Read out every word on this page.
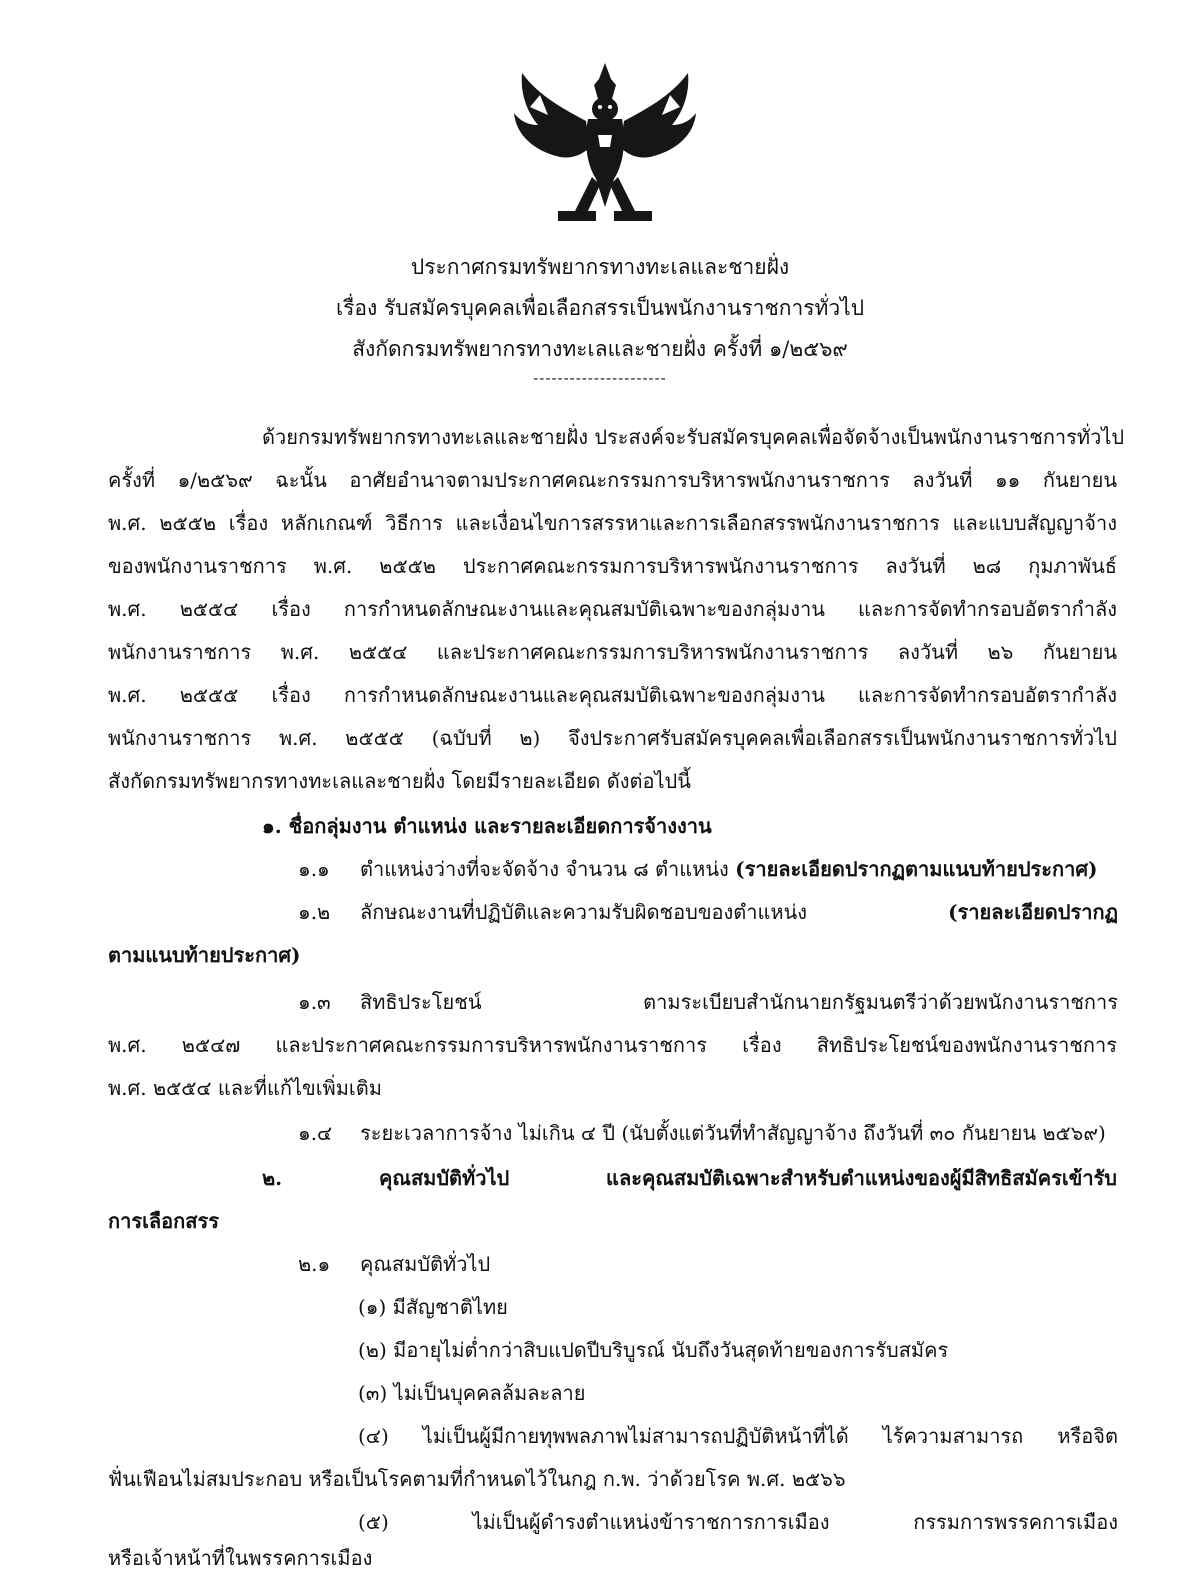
ประกาศกรมทรัพยากรทางทะเลและชายฝั่ง
เรื่อง รับสมัครบุคคลเพื่อเลือกสรรเป็นพนักงานราชการทั่วไป
สังกัดกรมทรัพยากรทางทะเลและชายฝั่ง ครั้งที่ ๑/๒๕๖๙
----------------------
ด้วยกรมทรัพยากรทางทะเลและชายฝั่ง ประสงค์จะรับสมัครบุคคลเพื่อจัดจ้างเป็นพนักงานราชการทั่วไป
ครั้งที่ ๑/๒๕๖๙ ฉะนั้น อาศัยอำนาจตามประกาศคณะกรรมการบริหารพนักงานราชการ ลงวันที่ ๑๑ กันยายน
พ.ศ. ๒๕๕๒ เรื่อง หลักเกณฑ์ วิธีการ และเงื่อนไขการสรรหาและการเลือกสรรพนักงานราชการ และแบบสัญญาจ้าง
ของพนักงานราชการ พ.ศ. ๒๕๕๒ ประกาศคณะกรรมการบริหารพนักงานราชการ ลงวันที่ ๒๘ กุมภาพันธ์
พ.ศ. ๒๕๕๔ เรื่อง การกำหนดลักษณะงานและคุณสมบัติเฉพาะของกลุ่มงาน และการจัดทำกรอบอัตรากำลัง
พนักงานราชการ พ.ศ. ๒๕๕๔ และประกาศคณะกรรมการบริหารพนักงานราชการ ลงวันที่ ๒๖ กันยายน
พ.ศ. ๒๕๕๕ เรื่อง การกำหนดลักษณะงานและคุณสมบัติเฉพาะของกลุ่มงาน และการจัดทำกรอบอัตรากำลัง
พนักงานราชการ พ.ศ. ๒๕๕๕ (ฉบับที่ ๒) จึงประกาศรับสมัครบุคคลเพื่อเลือกสรรเป็นพนักงานราชการทั่วไป
สังกัดกรมทรัพยากรทางทะเลและชายฝั่ง โดยมีรายละเอียด ดังต่อไปนี้
๑. ชื่อกลุ่มงาน ตำแหน่ง และรายละเอียดการจ้างงาน
๑.๑ ตำแหน่งว่างที่จะจัดจ้าง จำนวน ๘ ตำแหน่ง (รายละเอียดปรากฏตามแนบท้ายประกาศ)
๑.๒ ลักษณะงานที่ปฏิบัติและความรับผิดชอบของตำแหน่ง (รายละเอียดปรากฏ
ตามแนบท้ายประกาศ)
๑.๓ สิทธิประโยชน์ ตามระเบียบสำนักนายกรัฐมนตรีว่าด้วยพนักงานราชการ
พ.ศ. ๒๕๔๗ และประกาศคณะกรรมการบริหารพนักงานราชการ เรื่อง สิทธิประโยชน์ของพนักงานราชการ
พ.ศ. ๒๕๕๔ และที่แก้ไขเพิ่มเติม
๑.๔ ระยะเวลาการจ้าง ไม่เกิน ๔ ปี (นับตั้งแต่วันที่ทำสัญญาจ้าง ถึงวันที่ ๓๐ กันยายน ๒๕๖๙)
๒. คุณสมบัติทั่วไป และคุณสมบัติเฉพาะสำหรับตำแหน่งของผู้มีสิทธิสมัครเข้ารับ
การเลือกสรร
๒.๑ คุณสมบัติทั่วไป
(๑) มีสัญชาติไทย
(๒) มีอายุไม่ต่ำกว่าสิบแปดปีบริบูรณ์ นับถึงวันสุดท้ายของการรับสมัคร
(๓) ไม่เป็นบุคคลล้มละลาย
(๔) ไม่เป็นผู้มีกายทุพพลภาพไม่สามารถปฏิบัติหน้าที่ได้ ไร้ความสามารถ หรือจิต
ฟั่นเฟือนไม่สมประกอบ หรือเป็นโรคตามที่กำหนดไว้ในกฎ ก.พ. ว่าด้วยโรค พ.ศ. ๒๕๖๖
(๕) ไม่เป็นผู้ดำรงตำแหน่งข้าราชการการเมือง กรรมการพรรคการเมือง
หรือเจ้าหน้าที่ในพรรคการเมือง
